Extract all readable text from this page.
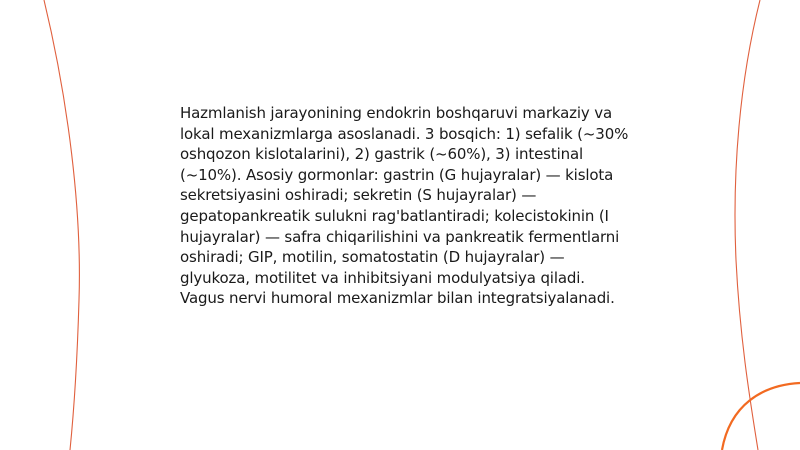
Hazmlanish jarayonining endokrin boshqaruvi markaziy va lokal mexanizmlarga asoslanadi. 3 bosqich: 1) sefalik (~30% oshqozon kislotalarini), 2) gastrik (~60%), 3) intestinal (~10%). Asosiy gormonlar: gastrin (G hujayralar) — kislota sekretsiyasini oshiradi; sekretin (S hujayralar) — gepatopankreatik sulukni rag'batlantiradi; kolecistokinin (I hujayralar) — safra chiqarilishini va pankreatik fermentlarni oshiradi; GIP, motilin, somatostatin (D hujayralar) — glyukoza, motilitet va inhibitsiyani modulyatsiya qiladi. Vagus nervi humoral mexanizmlar bilan integratsiyalanadi.
